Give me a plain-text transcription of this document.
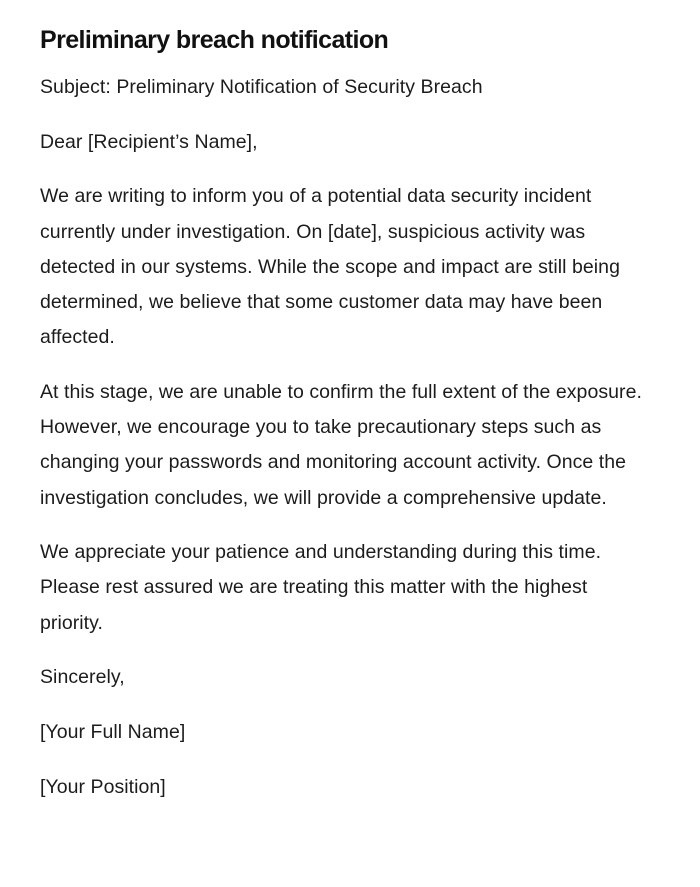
Preliminary breach notification

Subject: Preliminary Notification of Security Breach

Dear [Recipient’s Name],

We are writing to inform you of a potential data security incident currently under investigation. On [date], suspicious activity was detected in our systems. While the scope and impact are still being determined, we believe that some customer data may have been affected.

At this stage, we are unable to confirm the full extent of the exposure. However, we encourage you to take precautionary steps such as changing your passwords and monitoring account activity. Once the investigation concludes, we will provide a comprehensive update.

We appreciate your patience and understanding during this time. Please rest assured we are treating this matter with the highest priority.

Sincerely,

[Your Full Name]

[Your Position]
